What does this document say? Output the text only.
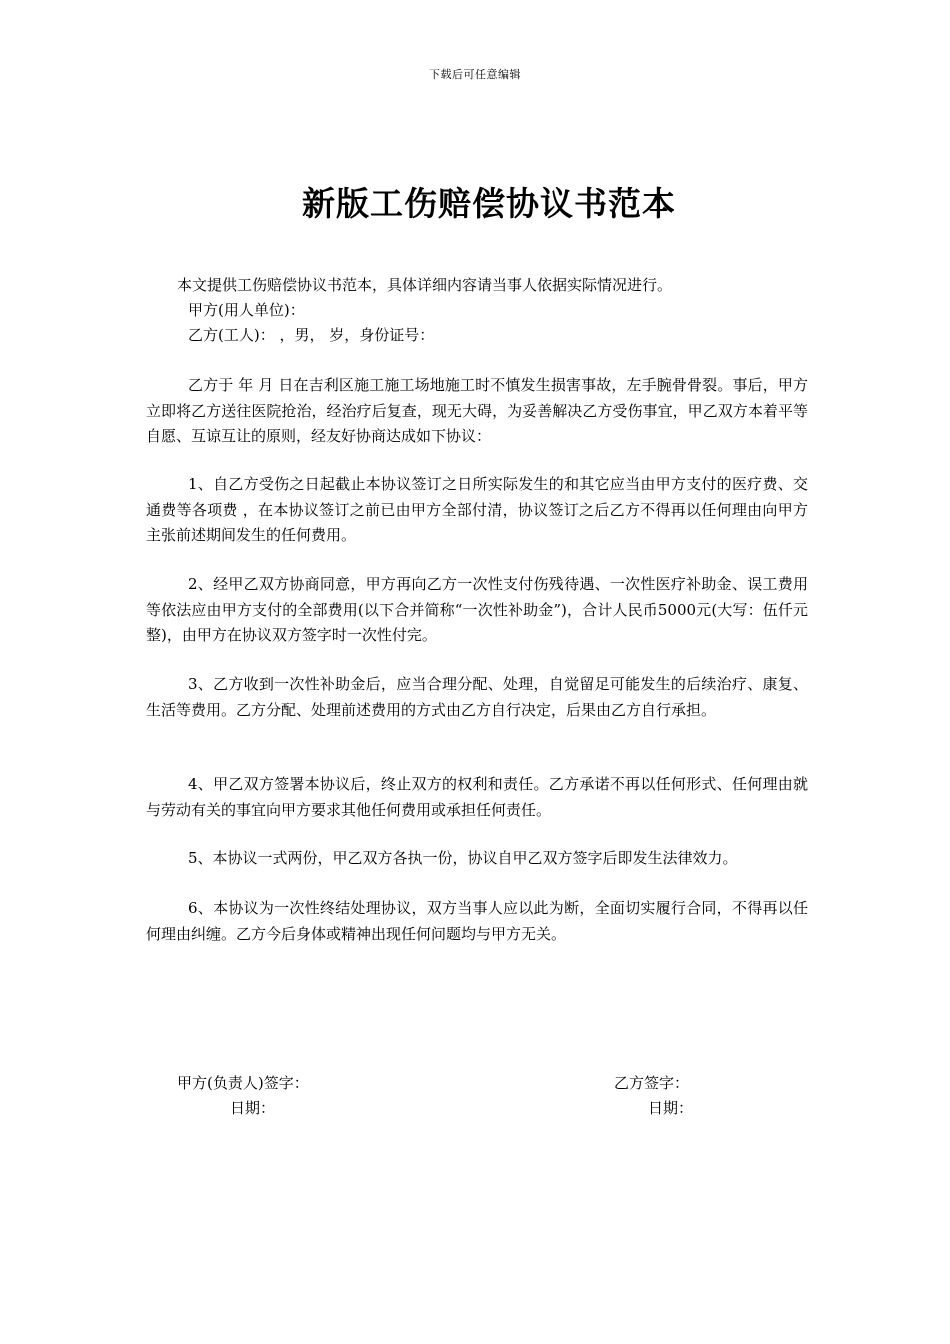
下载后可任意编辑
新版工伤赔偿协议书范本
本文提供工伤赔偿协议书范本，具体详细内容请当事人依据实际情况进行。
甲方(用人单位)：
乙方(工人)： ，男， 岁，身份证号：
乙方于 年 月 日在吉利区施工施工场地施工时不慎发生损害事故，左手腕骨骨裂。事后，甲方立即将乙方送往医院抢治，经治疗后复查，现无大碍，为妥善解决乙方受伤事宜，甲乙双方本着平等自愿、互谅互让的原则，经友好协商达成如下协议：
1、自乙方受伤之日起截止本协议签订之日所实际发生的和其它应当由甲方支付的医疗费、交通费等各项费 ，在本协议签订之前已由甲方全部付清，协议签订之后乙方不得再以任何理由向甲方主张前述期间发生的任何费用。
2、经甲乙双方协商同意，甲方再向乙方一次性支付伤残待遇、一次性医疗补助金、误工费用等依法应由甲方支付的全部费用(以下合并简称“一次性补助金”)，合计人民币5000元(大写：伍仟元整)，由甲方在协议双方签字时一次性付完。
3、乙方收到一次性补助金后，应当合理分配、处理，自觉留足可能发生的后续治疗、康复、生活等费用。乙方分配、处理前述费用的方式由乙方自行决定，后果由乙方自行承担。
4、甲乙双方签署本协议后，终止双方的权利和责任。乙方承诺不再以任何形式、任何理由就与劳动有关的事宜向甲方要求其他任何费用或承担任何责任。
5、本协议一式两份，甲乙双方各执一份，协议自甲乙双方签字后即发生法律效力。
6、本协议为一次性终结处理协议，双方当事人应以此为断，全面切实履行合同，不得再以任何理由纠缠。乙方今后身体或精神出现任何问题均与甲方无关。
甲方(负责人)签字：
日期：
乙方签字：
日期：
